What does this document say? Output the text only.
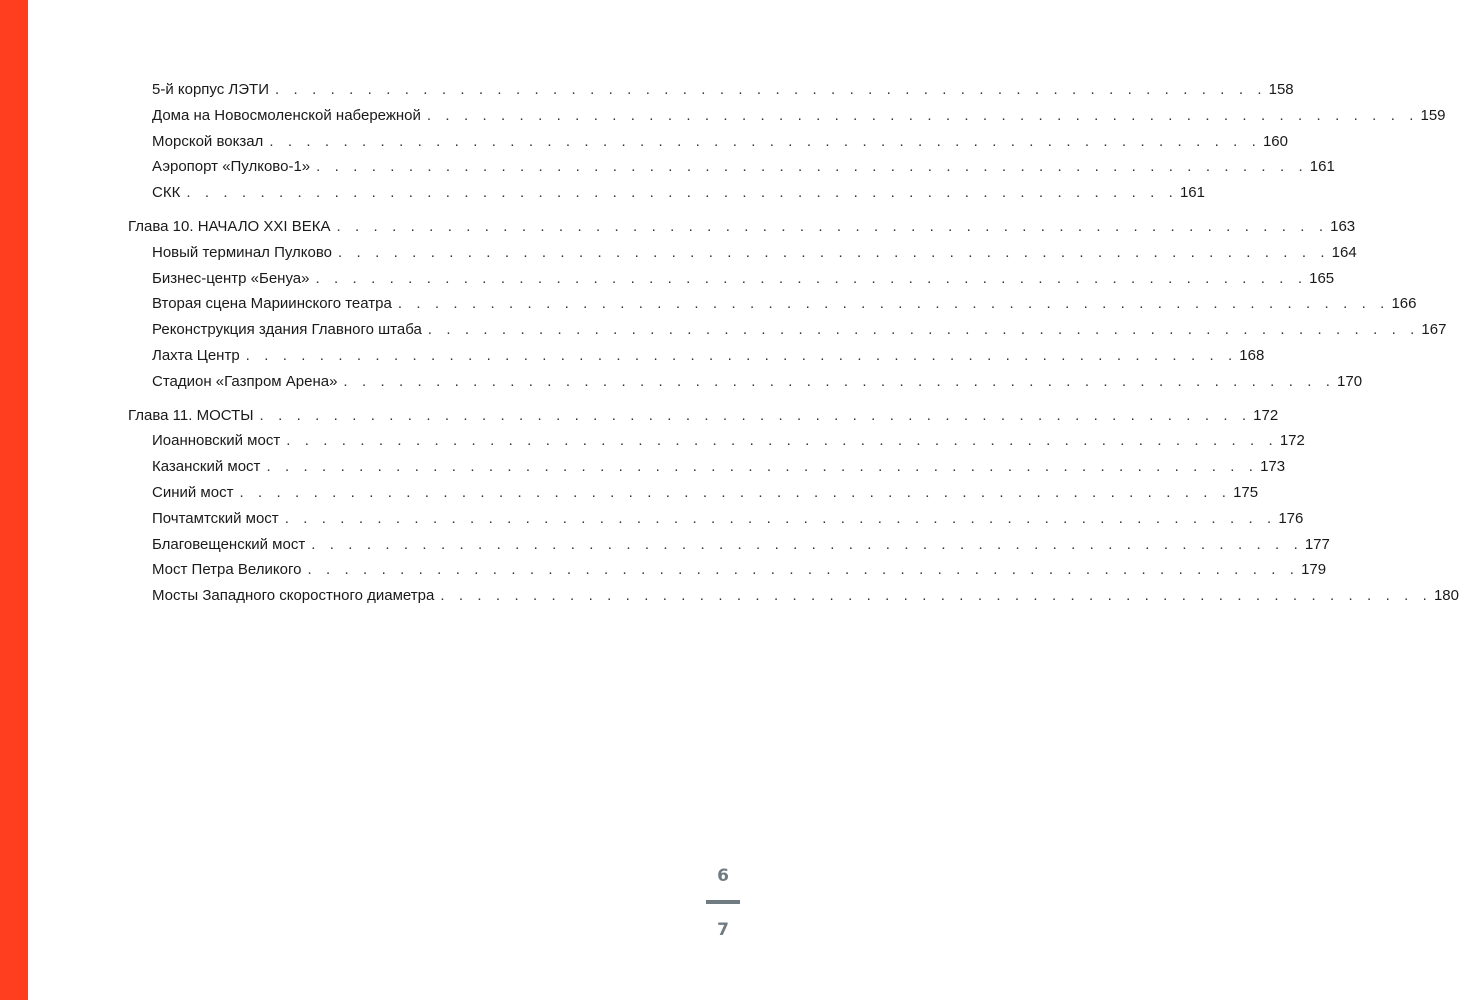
5-й корпус ЛЭТИ . . . . . . . . . . . . . . . . . . . . . . . . . . . . . . . . . . . . . . . . . . . . . . . . . . . . . . 158
Дома на Новосмоленской набережной . . . . . . . . . . . . . . . . . . . . . . . . . . . . . . . . . . . . . . . . . . . . . . . . . . . . . . 159
Морской вокзал . . . . . . . . . . . . . . . . . . . . . . . . . . . . . . . . . . . . . . . . . . . . . . . . . . . . . . 160
Аэропорт «Пулково-1» . . . . . . . . . . . . . . . . . . . . . . . . . . . . . . . . . . . . . . . . . . . . . . . . . . . . . . 161
СКК . . . . . . . . . . . . . . . . . . . . . . . . . . . . . . . . . . . . . . . . . . . . . . . . . . . . . . 161
Глава 10. НАЧАЛО XXI ВЕКА . . . . . . . . . . . . . . . . . . . . . . . . . . . . . . . . . . . . . . . . . . . . . . . . . . . . . . 163
Новый терминал Пулково . . . . . . . . . . . . . . . . . . . . . . . . . . . . . . . . . . . . . . . . . . . . . . . . . . . . . . 164
Бизнес-центр «Бенуа» . . . . . . . . . . . . . . . . . . . . . . . . . . . . . . . . . . . . . . . . . . . . . . . . . . . . . . 165
Вторая сцена Мариинского театра . . . . . . . . . . . . . . . . . . . . . . . . . . . . . . . . . . . . . . . . . . . . . . . . . . . . . . 166
Реконструкция здания Главного штаба . . . . . . . . . . . . . . . . . . . . . . . . . . . . . . . . . . . . . . . . . . . . . . . . . . . . . . 167
Лахта Центр . . . . . . . . . . . . . . . . . . . . . . . . . . . . . . . . . . . . . . . . . . . . . . . . . . . . . . 168
Стадион «Газпром Арена» . . . . . . . . . . . . . . . . . . . . . . . . . . . . . . . . . . . . . . . . . . . . . . . . . . . . . . 170
Глава 11. МОСТЫ . . . . . . . . . . . . . . . . . . . . . . . . . . . . . . . . . . . . . . . . . . . . . . . . . . . . . . 172
Иоанновский мост . . . . . . . . . . . . . . . . . . . . . . . . . . . . . . . . . . . . . . . . . . . . . . . . . . . . . . 172
Казанский мост . . . . . . . . . . . . . . . . . . . . . . . . . . . . . . . . . . . . . . . . . . . . . . . . . . . . . . 173
Синий мост . . . . . . . . . . . . . . . . . . . . . . . . . . . . . . . . . . . . . . . . . . . . . . . . . . . . . . 175
Почтамтский мост . . . . . . . . . . . . . . . . . . . . . . . . . . . . . . . . . . . . . . . . . . . . . . . . . . . . . . 176
Благовещенский мост . . . . . . . . . . . . . . . . . . . . . . . . . . . . . . . . . . . . . . . . . . . . . . . . . . . . . . 177
Мост Петра Великого . . . . . . . . . . . . . . . . . . . . . . . . . . . . . . . . . . . . . . . . . . . . . . . . . . . . . . 179
Мосты Западного скоростного диаметра . . . . . . . . . . . . . . . . . . . . . . . . . . . . . . . . . . . . . . . . . . . . . . . . . . . . . . 180
6
7
